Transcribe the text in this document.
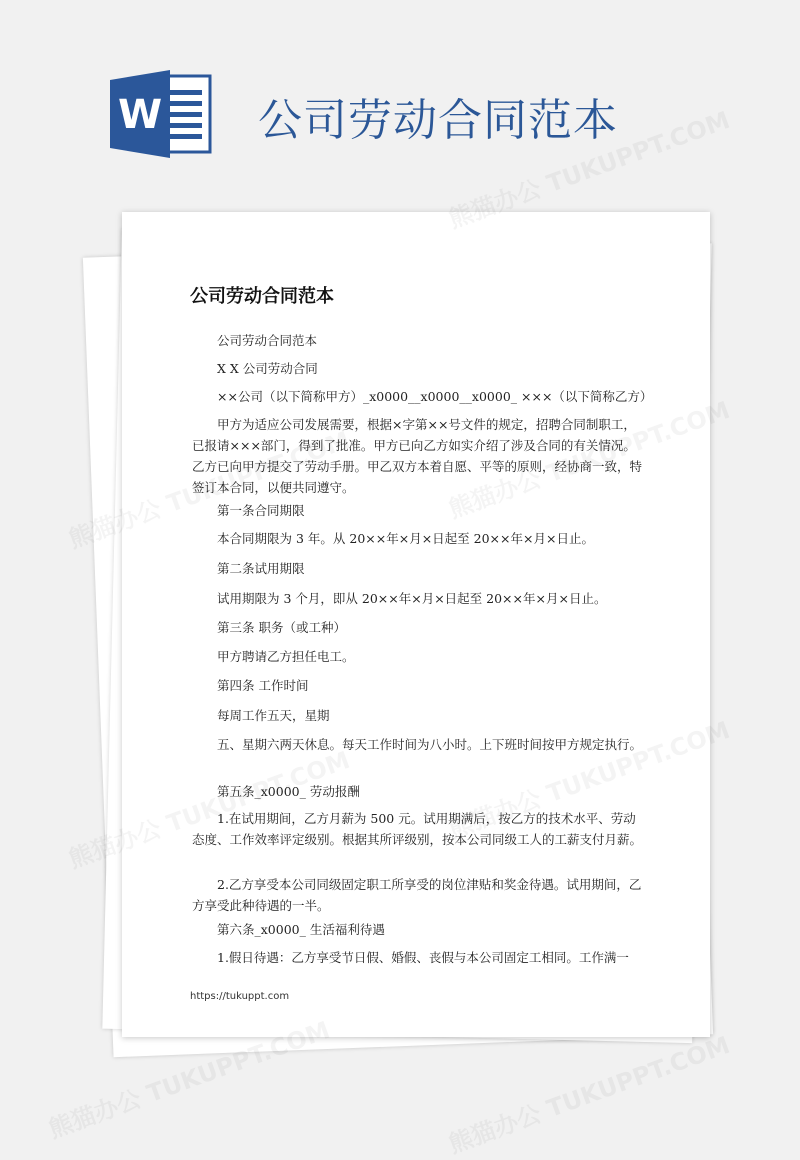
W 公司劳动合同范本
公司劳动合同范本
公司劳动合同范本
X X 公司劳动合同
××公司（以下简称甲方）_x0000__x0000__x0000_ ×××（以下简称乙方）
甲方为适应公司发展需要，根据×字第××号文件的规定，招聘合同制职工，已报请×××部门，得到了批准。甲方已向乙方如实介绍了涉及合同的有关情况。乙方已向甲方提交了劳动手册。甲乙双方本着自愿、平等的原则，经协商一致，特签订本合同，以便共同遵守。
第一条合同期限
本合同期限为 3 年。从 20××年×月×日起至 20××年×月×日止。
第二条试用期限
试用期限为 3 个月，即从 20××年×月×日起至 20××年×月×日止。
第三条 职务（或工种）
甲方聘请乙方担任电工。
第四条 工作时间
每周工作五天，星期
五、星期六两天休息。每天工作时间为八小时。上下班时间按甲方规定执行。
第五条_x0000_ 劳动报酬
1.在试用期间，乙方月薪为 500 元。试用期满后，按乙方的技术水平、劳动态度、工作效率评定级别。根据其所评级别，按本公司同级工人的工薪支付月薪。
2.乙方享受本公司同级固定职工所享受的岗位津贴和奖金待遇。试用期间，乙方享受此种待遇的一半。
第六条_x0000_ 生活福利待遇
1.假日待遇：乙方享受节日假、婚假、丧假与本公司固定工相同。工作满一
https://tukuppt.com
